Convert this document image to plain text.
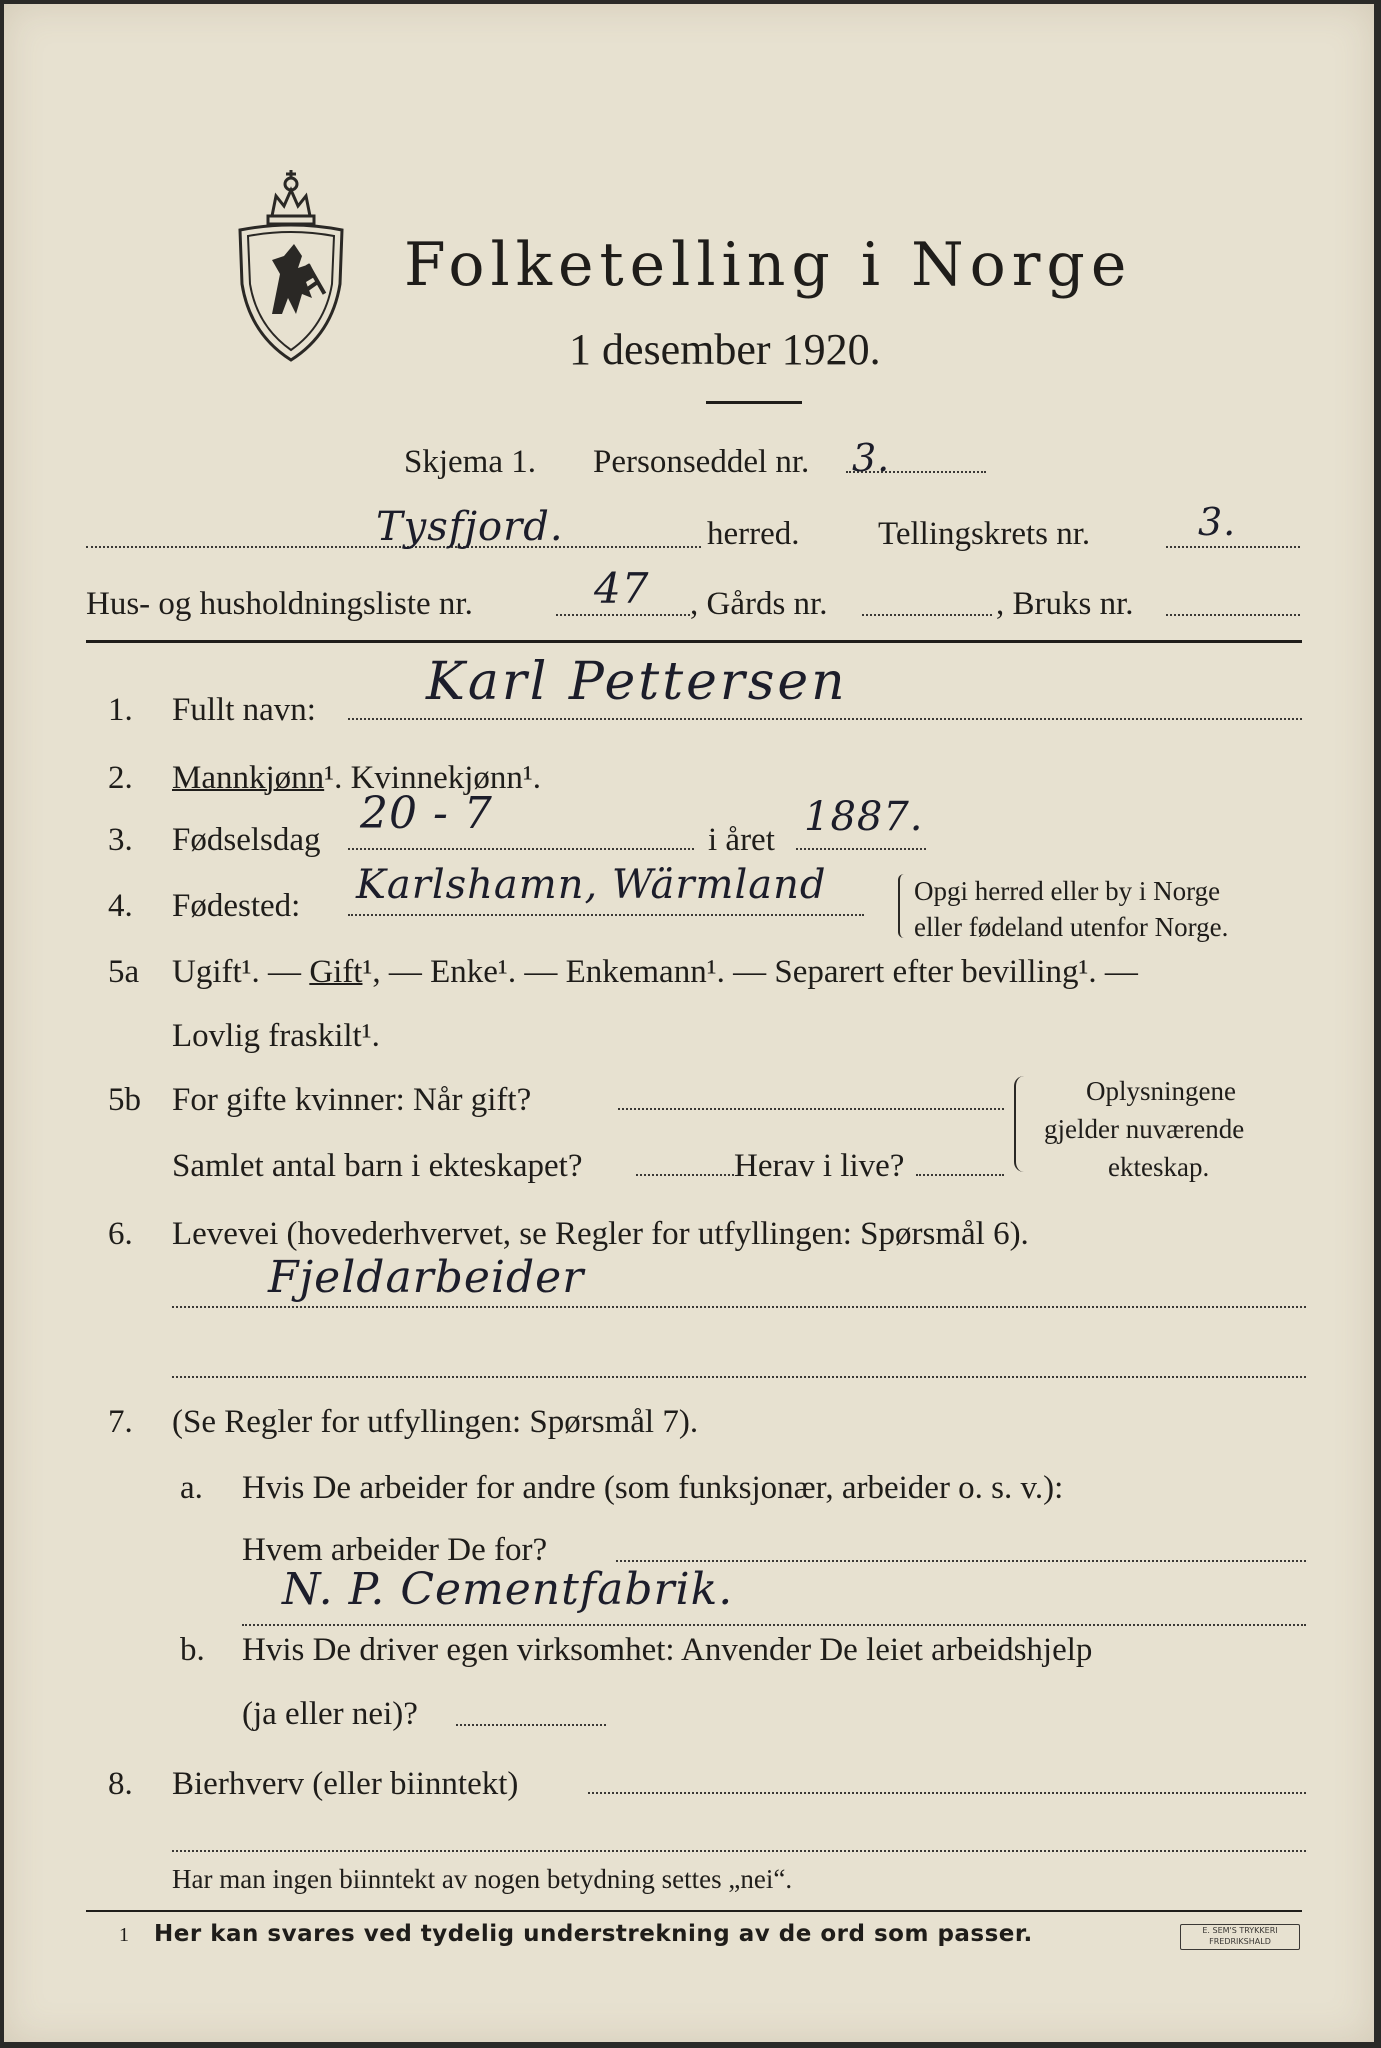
Folketelling i Norge
1 desember 1920.
Skjema 1. Personseddel nr. 3.
Tysfjord.	herred. Tellingskrets nr.	3.
Hus- og husholdningsliste nr.	47 , Gårds nr.	, Bruks nr.
1. Fullt navn: Karl Pettersen
2. Mannkjønn¹. Kvinnekjønn¹.
3. Fødselsdag
20 - 7
i året 1887.
4. Fødested: Karlshamn, Wärmland	Opgi herred eller by i Norge
eller fødeland utenfor Norge.
5a Ugift¹. — Gift¹, — Enke¹. — Enkemann¹. — Separert efter bevilling¹. —
Lovlig fraskilt¹.
5b For gifte kvinner: Når gift?
Samlet antal barn i ekteskapet?	Herav i live?
Oplysningene
gjelder nuværende
ekteskap.
6. Levevei (hovederhvervet, se Regler for utfyllingen: Spørsmål 6).
Fjeldarbeider
7. (Se Regler for utfyllingen: Spørsmål 7).
a. Hvis De arbeider for andre (som funksjonær, arbeider o. s. v.):
Hvem arbeider De for?
N. P. Cementfabrik.
b. Hvis De driver egen virksomhet: Anvender De leiet arbeidshjelp
(ja eller nei)?
8. Bierhverv (eller biinntekt)
Har man ingen biinntekt av nogen betydning settes „nei“.
1 Her kan svares ved tydelig understrekning av de ord som passer.	E. SEM'S TRYKKERI
FREDRIKSHALD
